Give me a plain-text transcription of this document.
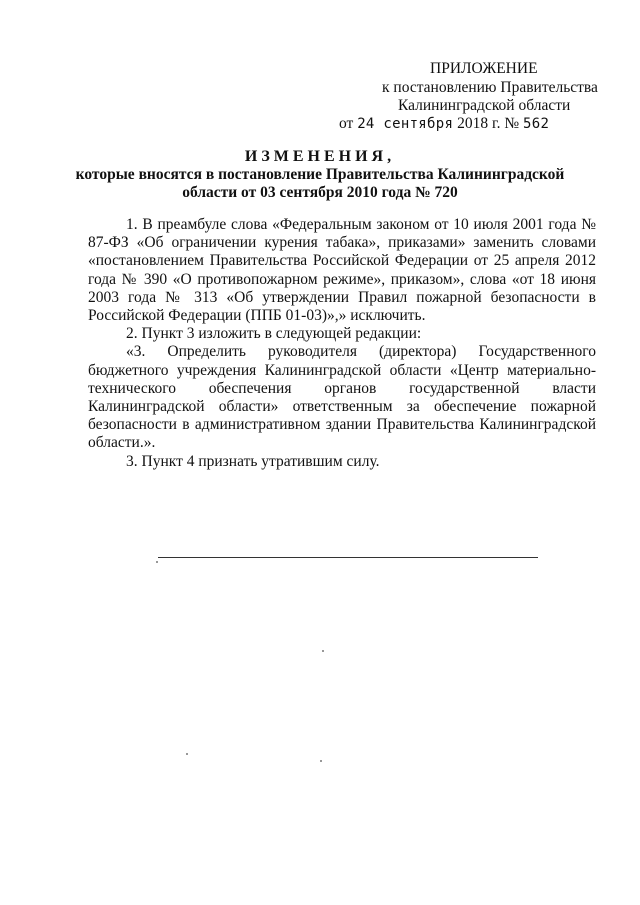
ПРИЛОЖЕНИЕ
к постановлению Правительства
Калининградской области
от 24 сентября 2018 г. № 562
ИЗМЕНЕНИЯ,
которые вносятся в постановление Правительства Калининградской
области от 03 сентября 2010 года № 720

1. В преамбуле слова «Федеральным законом от 10 июля 2001 года № 87-ФЗ «Об ограничении курения табака», приказами» заменить словами «постановлением Правительства Российской Федерации от 25 апреля 2012 года № 390 «О противопожарном режиме», приказом», слова «от 18 июня 2003 года № 313 «Об утверждении Правил пожарной безопасности в Российской Федерации (ППБ 01-03)»,» исключить.

2. Пункт 3 изложить в следующей редакции:

«3. Определить руководителя (директора) Государственного бюджетного учреждения Калининградской области «Центр материально-технического обеспечения органов государственной власти Калининградской области» ответственным за обеспечение пожарной безопасности в административном здании Правительства Калининградской области.».

3. Пункт 4 признать утратившим силу.
